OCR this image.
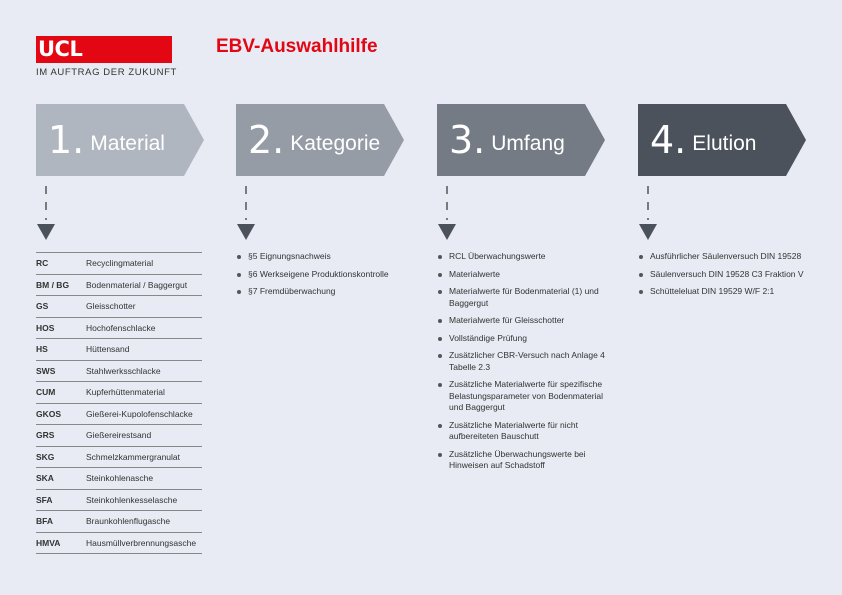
UCL
IM AUFTRAG DER ZUKUNFT
EBV-Auswahlhilfe
1. Material 2. Kategorie 3. Umfang 4. Elution
RC	Recyclingmaterial
BM / BG	Bodenmaterial / Baggergut
GS	Gleisschotter
HOS	Hochofenschlacke
HS	Hüttensand
SWS	Stahlwerksschlacke
CUM	Kupferhüttenmaterial
GKOS	Gießerei-Kupolofenschlacke
GRS	Gießereirestsand
SKG	Schmelzkammergranulat
SKA	Steinkohlenasche
SFA	Steinkohlenkesselasche
BFA	Braunkohlenflugasche
HMVA	Hausmüllverbrennungsasche
§5 Eignungsnachweis
§6 Werkseigene Produktionskontrolle
§7 Fremdüberwachung
RCL Überwachungswerte
Materialwerte
Materialwerte für Bodenmaterial (1) und Baggergut
Materialwerte für Gleisschotter
Vollständige Prüfung
Zusätzlicher CBR-Versuch nach Anlage 4 Tabelle 2.3
Zusätzliche Materialwerte für spezifische Belastungsparameter von Bodenmaterial und Baggergut
Zusätzliche Materialwerte für nicht aufbereiteten Bauschutt
Zusätzliche Überwachungswerte bei Hinweisen auf Schadstoff
Ausführlicher Säulenversuch DIN 19528
Säulenversuch DIN 19528 C3 Fraktion V
Schütteleluat DIN 19529 W/F 2:1
